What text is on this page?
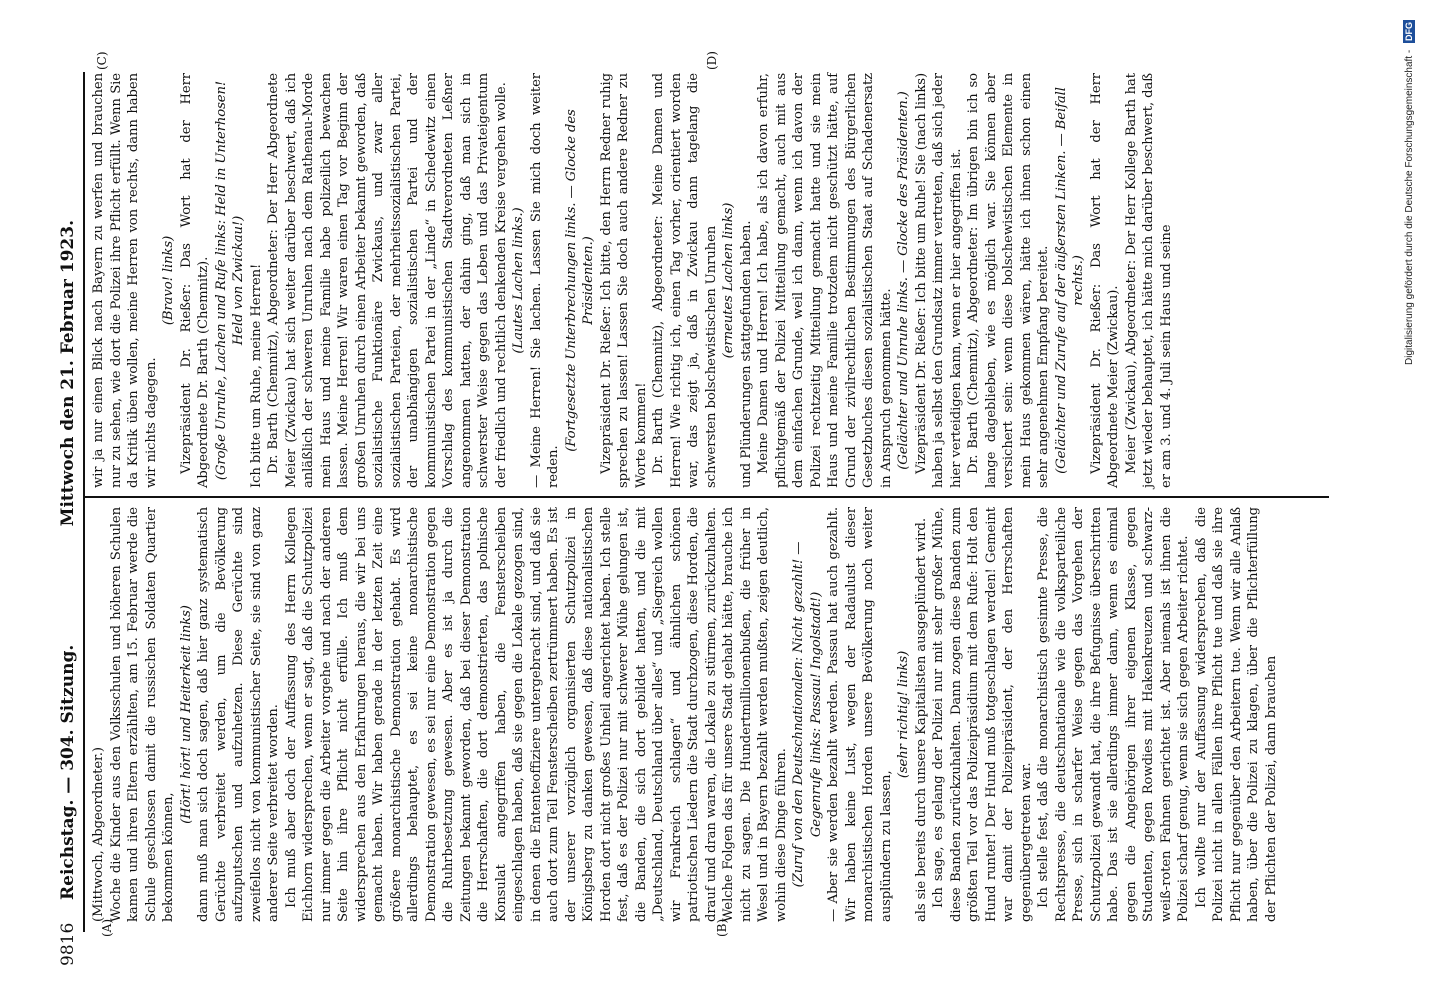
9816
Reichstag. — 304. Sitzung.
Mittwoch den 21. Februar 1923.
(A)	(B)
(C)	(D)

(Mittwoch, Abgeordneter.) Woche die Kinder aus den Volksschulen und höheren Schulen kamen und ihren Eltern erzählten, am 15. Februar werde die Schule geschlossen damit die russischen Soldaten Quartier bekommen können,

(Hört! hört! und Heiterkeit links) dann muß man sich doch sagen, daß hier ganz systematisch Gerüchte verbreitet werden, um die Bevölkerung aufzuputschen und aufzuhetzen. Diese Gerüchte sind zweifellos nicht von kommunistischer Seite, sie sind von ganz anderer Seite verbreitet worden. Ich muß aber doch der Auffassung des Herrn Kollegen Eichhorn widersprechen, wenn er sagt, daß die Schutzpolizei nur immer gegen die Arbeiter vorgehe und nach der anderen Seite hin ihre Pflicht nicht erfülle. Ich muß dem widersprechen aus den Erfahrungen heraus, die wir bei uns gemacht haben. Wir haben gerade in der letzten Zeit eine größere monarchistische Demonstration gehabt. Es wird allerdings behauptet, es sei keine monarchistische Demonstration gewesen, es sei nur eine Demonstration gegen die Ruhrbesetzung gewesen. Aber es ist ja durch die Zeitungen bekannt geworden, daß bei dieser Demonstration die Herrschaften, die dort demonstrierten, das polnische Konsulat angegriffen haben, die Fensterscheiben eingeschlagen haben, daß sie gegen die Lokale gezogen sind, in denen die Ententeoffiziere untergebracht sind, und daß sie auch dort zum Teil Fensterscheiben zertrümmert haben. Es ist der unserer vorzüglich organisierten Schutzpolizei in Königsberg zu danken gewesen, daß diese nationalistischen Horden dort nicht großes Unheil angerichtet haben. Ich stelle fest, daß es der Polizei nur mit schwerer Mühe gelungen ist, die Banden, die sich dort gebildet hatten, und die mit „Deutschland, Deutschland über alles“ und „Siegreich wollen wir Frankreich schlagen“ und ähnlichen schönen patriotischen Liedern die Stadt durchzogen, diese Horden, die drauf und dran waren, die Lokale zu stürmen, zurückzuhalten. Welche Folgen das für unsere Stadt gehabt hätte, brauche ich nicht zu sagen. Die Hundertmillionenbußen, die früher in Wesel und in Bayern bezahlt werden mußten, zeigen deutlich, wohin diese Dinge führen. (Zuruf von den Deutschnationalen: Nicht gezahlt! — Gegenrufe links: Passau! Ingolstadt!) — Aber sie werden bezahlt werden. Passau hat auch gezahlt. Wir haben keine Lust, wegen der Radaulust dieser monarchistischen Horden unsere Bevölkerung noch weiter ausplündern zu lassen,

(sehr richtig! links) als sie bereits durch unsere Kapitalisten ausgeplündert wird. Ich sage, es gelang der Polizei nur mit sehr großer Mühe, diese Banden zurückzuhalten. Dann zogen diese Banden zum größten Teil vor das Polizeipräsidium mit dem Rufe: Holt den Hund runter! Der Hund muß totgeschlagen werden! Gemeint war damit der Polizeipräsident, der den Herrschaften gegenübergetreten war. Ich stelle fest, daß die monarchistisch gesinnte Presse, die Rechtspresse, die deutschnationale wie die volksparteiliche Presse, sich in scharfer Weise gegen das Vorgehen der Schutzpolizei gewandt hat, die ihre Befugnisse überschritten habe. Das ist sie allerdings immer dann, wenn es einmal gegen die Angehörigen ihrer eigenen Klasse, gegen Studenten, gegen Rowdies mit Hakenkreuzen und schwarz-weiß-roten Fahnen gerichtet ist. Aber niemals ist ihnen die Polizei scharf genug, wenn sie sich gegen Arbeiter richtet. Ich wollte nur der Auffassung widersprechen, daß die Polizei nicht in allen Fällen ihre Pflicht tue und daß sie ihre Pflicht nur gegenüber den Arbeitern tue. Wenn wir alle Anlaß haben, über die Polizei zu klagen, über die Pflichterfüllung der Pflichten der Polizei, dann brauchen

wir ja nur einen Blick nach Bayern zu werfen und brauchen nur zu sehen, wie dort die Polizei ihre Pflicht erfüllt. Wenn Sie da Kritik üben wollen, meine Herren von rechts, dann haben wir nichts dagegen.

(Bravo! links) Vizepräsident Dr. Rießer: Das Wort hat der Herr Abgeordnete Dr. Barth (Chemnitz). (Große Unruhe, Lachen und Rufe links: Held in Unterhosen! Held von Zwickau!) Ich bitte um Ruhe, meine Herren! Dr. Barth (Chemnitz), Abgeordneter: Der Herr Abgeordnete Meier (Zwickau) hat sich weiter darüber beschwert, daß ich anläßlich der schweren Unruhen nach dem Rathenau-Morde mein Haus und meine Familie habe polizeilich bewachen lassen. Meine Herren! Wir waren einen Tag vor Beginn der großen Unruhen durch einen Arbeiter bekannt geworden, daß sozialistische Funktionäre Zwickaus, und zwar aller sozialistischen Parteien, der mehrheitssozialistischen Partei, der unabhängigen sozialistischen Partei und der kommunistischen Partei in der „Linde“ in Schedewitz einen Vorschlag des kommunistischen Stadtverordneten Leßner angenommen hatten, der dahin ging, daß man sich in schwerster Weise gegen das Leben und das Privateigentum der friedlich und rechtlich denkenden Kreise vergehen wolle. (Lautes Lachen links.) — Meine Herren! Sie lachen. Lassen Sie mich doch weiter reden.

(Fortgesetzte Unterbrechungen links. — Glocke des Präsidenten.) Vizepräsident Dr. Rießer: Ich bitte, den Herrn Redner ruhig sprechen zu lassen! Lassen Sie doch auch andere Redner zu Worte kommen! Dr. Barth (Chemnitz), Abgeordneter: Meine Damen und Herren! Wie richtig ich, einen Tag vorher, orientiert worden war, das zeigt ja, daß in Zwickau dann tagelang die schwersten bolschewistischen Unruhen (erneutes Lachen links) und Plünderungen stattgefunden haben. Meine Damen und Herren! Ich habe, als ich davon erfuhr, pflichtgemäß der Polizei Mitteilung gemacht, auch mit aus dem einfachen Grunde, weil ich dann, wenn ich davon der Polizei rechtzeitig Mitteilung gemacht hatte und sie mein Haus und meine Familie trotzdem nicht geschützt hätte, auf Grund der zivilrechtlichen Bestimmungen des Bürgerlichen Gesetzbuches diesen sozialistischen Staat auf Schadenersatz in Anspruch genommen hätte. (Gelächter und Unruhe links. — Glocke des Präsidenten.) Vizepräsident Dr. Rießer: Ich bitte um Ruhe! Sie (nach links) haben ja selbst den Grundsatz immer vertreten, daß sich jeder hier verteidigen kann, wenn er hier angegriffen ist. Dr. Barth (Chemnitz), Abgeordneter: Im übrigen bin ich so lange dageblieben, wie es möglich war. Sie können aber versichert sein: wenn diese bolschewistischen Elemente in mein Haus gekommen wären, hätte ich ihnen schon einen sehr angenehmen Empfang bereitet. (Gelächter und Zurufe auf der äußersten Linken. — Beifall rechts.) Vizepräsident Dr. Rießer: Das Wort hat der Herr Abgeordnete Meier (Zwickau). Meier (Zwickau), Abgeordneter: Der Herr Kollege Barth hat jetzt wieder behauptet, ich hätte mich darüber beschwert, daß er am 3. und 4. Juli sein Haus und seine	Digitalisierung gefördert durch die Deutsche Forschungsgemeinschaft - DFG
